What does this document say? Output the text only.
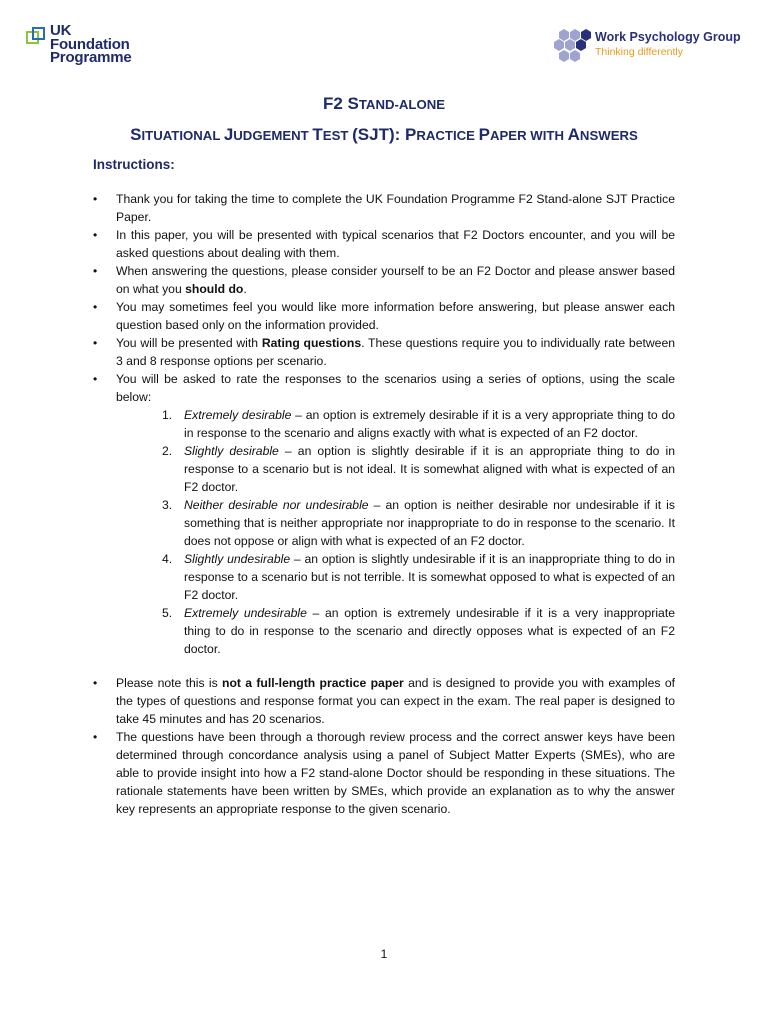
UK
Foundation
Programme
Work Psychology Group
Thinking differently
F2 STAND-ALONE
SITUATIONAL JUDGEMENT TEST (SJT): PRACTICE PAPER WITH ANSWERS
Instructions:
• Thank you for taking the time to complete the UK Foundation Programme F2 Stand-alone SJT Practice Paper.
• In this paper, you will be presented with typical scenarios that F2 Doctors encounter, and you will be asked questions about dealing with them.
• When answering the questions, please consider yourself to be an F2 Doctor and please answer based on what you should do.
• You may sometimes feel you would like more information before answering, but please answer each question based only on the information provided.
• You will be presented with Rating questions. These questions require you to individually rate between 3 and 8 response options per scenario.
• You will be asked to rate the responses to the scenarios using a series of options, using the scale below:
1. Extremely desirable – an option is extremely desirable if it is a very appropriate thing to do in response to the scenario and aligns exactly with what is expected of an F2 doctor.
2. Slightly desirable – an option is slightly desirable if it is an appropriate thing to do in response to a scenario but is not ideal. It is somewhat aligned with what is expected of an F2 doctor.
3. Neither desirable nor undesirable – an option is neither desirable nor undesirable if it is something that is neither appropriate nor inappropriate to do in response to the scenario. It does not oppose or align with what is expected of an F2 doctor.
4. Slightly undesirable – an option is slightly undesirable if it is an inappropriate thing to do in response to a scenario but is not terrible. It is somewhat opposed to what is expected of an F2 doctor.
5. Extremely undesirable – an option is extremely undesirable if it is a very inappropriate thing to do in response to the scenario and directly opposes what is expected of an F2 doctor.
• Please note this is not a full-length practice paper and is designed to provide you with examples of the types of questions and response format you can expect in the exam. The real paper is designed to take 45 minutes and has 20 scenarios.
• The questions have been through a thorough review process and the correct answer keys have been determined through concordance analysis using a panel of Subject Matter Experts (SMEs), who are able to provide insight into how a F2 stand-alone Doctor should be responding in these situations. The rationale statements have been written by SMEs, which provide an explanation as to why the answer key represents an appropriate response to the given scenario.
1
